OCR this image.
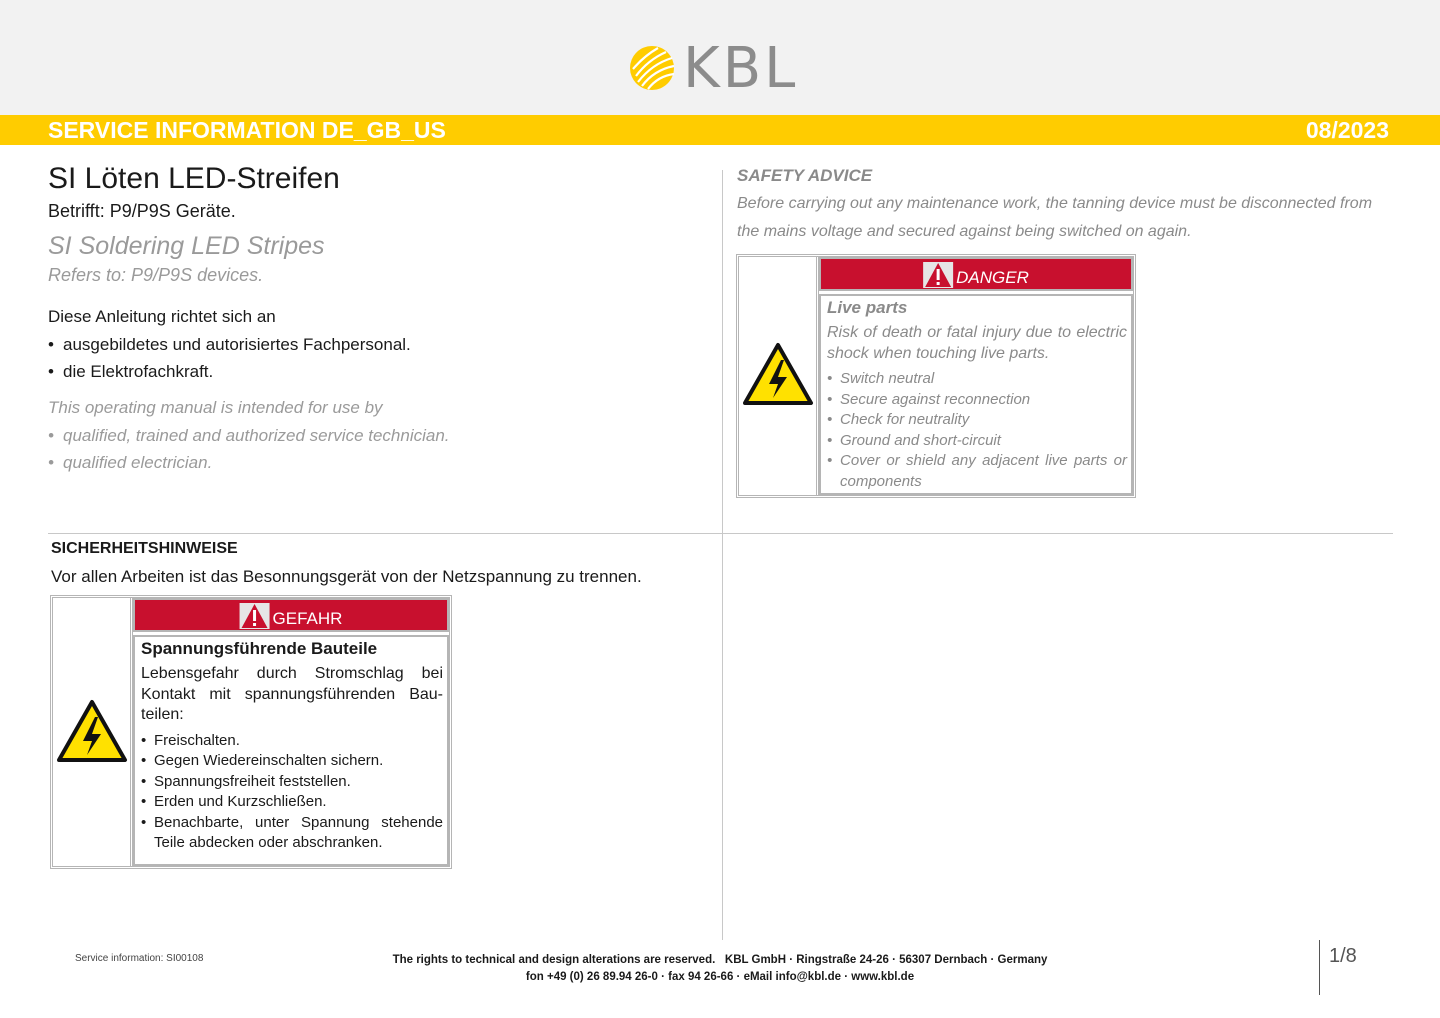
KBL
SERVICE INFORMATION DE_GB_US	08/2023
SI Löten LED-Streifen
Betrifft: P9/P9S Geräte.
SI Soldering LED Stripes
Refers to: P9/P9S devices.
Diese Anleitung richtet sich an
• ausgebildetes und autorisiertes Fachpersonal.
• die Elektrofachkraft.
This operating manual is intended for use by
• qualified, trained and authorized service technician.
• qualified electrician.
SAFETY ADVICE
Before carrying out any maintenance work, the tanning device must be disconnected from the mains voltage and secured against being switched on again.
DANGER
Live parts
Risk of death or fatal injury due to electric shock when touching live parts.
• Switch neutral
• Secure against reconnection
• Check for neutrality
• Ground and short-circuit
• Cover or shield any adjacent live parts or components
SICHERHEITSHINWEISE
Vor allen Arbeiten ist das Besonnungsgerät von der Netzspannung zu trennen.
GEFAHR
Spannungsführende Bauteile
Lebensgefahr durch Stromschlag bei Kontakt mit spannungsführenden Bau-teilen:
• Freischalten.
• Gegen Wiedereinschalten sichern.
• Spannungsfreiheit feststellen.
• Erden und Kurzschließen.
• Benachbarte, unter Spannung stehende Teile abdecken oder abschranken.
Service information: SI00108	The rights to technical and design alterations are reserved.   KBL GmbH · Ringstraße 24-26 · 56307 Dernbach · Germany
fon +49 (0) 26 89.94 26-0 · fax 94 26-66 · eMail info@kbl.de · www.kbl.de
1/8
